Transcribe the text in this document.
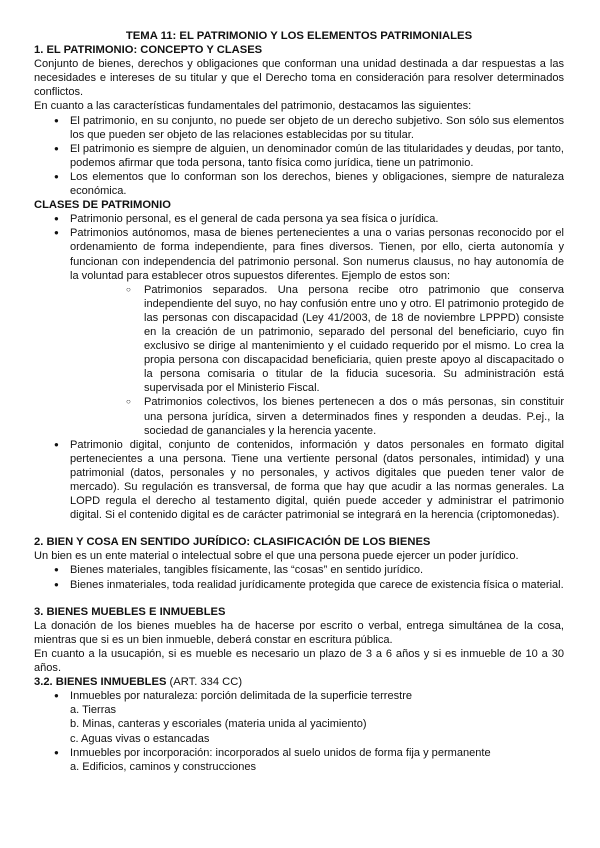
TEMA 11: EL PATRIMONIO Y LOS ELEMENTOS PATRIMONIALES

1. EL PATRIMONIO: CONCEPTO Y CLASES

Conjunto de bienes, derechos y obligaciones que conforman una unidad destinada a dar respuestas a las necesidades e intereses de su titular y que el Derecho toma en consideración para resolver determinados conflictos.

En cuanto a las características fundamentales del patrimonio, destacamos las siguientes:

● El patrimonio, en su conjunto, no puede ser objeto de un derecho subjetivo. Son sólo sus elementos los que pueden ser objeto de las relaciones establecidas por su titular.
● El patrimonio es siempre de alguien, un denominador común de las titularidades y deudas, por tanto, podemos afirmar que toda persona, tanto física como jurídica, tiene un patrimonio.
● Los elementos que lo conforman son los derechos, bienes y obligaciones, siempre de naturaleza económica.
CLASES DE PATRIMONIO
● Patrimonio personal, es el general de cada persona ya sea física o jurídica.
● Patrimonios autónomos, masa de bienes pertenecientes a una o varias personas reconocido por el ordenamiento de forma independiente, para fines diversos. Tienen, por ello, cierta autonomía y funcionan con independencia del patrimonio personal. Son numerus clausus, no hay autonomía de la voluntad para establecer otros supuestos diferentes. Ejemplo de estos son:
○ Patrimonios separados. Una persona recibe otro patrimonio que conserva independiente del suyo, no hay confusión entre uno y otro. El patrimonio protegido de las personas con discapacidad (Ley 41/2003, de 18 de noviembre LPPPD) consiste en la creación de un patrimonio, separado del personal del beneficiario, cuyo fin exclusivo se dirige al mantenimiento y el cuidado requerido por el mismo. Lo crea la propia persona con discapacidad beneficiaria, quien preste apoyo al discapacitado o la persona comisaria o titular de la fiducia sucesoria. Su administración está supervisada por el Ministerio Fiscal.
○ Patrimonios colectivos, los bienes pertenecen a dos o más personas, sin constituir una persona jurídica, sirven a determinados fines y responden a deudas. P.ej., la sociedad de gananciales y la herencia yacente.
● Patrimonio digital, conjunto de contenidos, información y datos personales en formato digital pertenecientes a una persona. Tiene una vertiente personal (datos personales, intimidad) y una patrimonial (datos, personales y no personales, y activos digitales que pueden tener valor de mercado). Su regulación es transversal, de forma que hay que acudir a las normas generales. La LOPD regula el derecho al testamento digital, quién puede acceder y administrar el patrimonio digital. Si el contenido digital es de carácter patrimonial se integrará en la herencia (criptomonedas).
2. BIEN Y COSA EN SENTIDO JURÍDICO: CLASIFICACIÓN DE LOS BIENES

Un bien es un ente material o intelectual sobre el que una persona puede ejercer un poder jurídico.

● Bienes materiales, tangibles físicamente, las “cosas” en sentido jurídico.
● Bienes inmateriales, toda realidad jurídicamente protegida que carece de existencia física o material.
3. BIENES MUEBLES E INMUEBLES

La donación de los bienes muebles ha de hacerse por escrito o verbal, entrega simultánea de la cosa, mientras que si es un bien inmueble, deberá constar en escritura pública.

En cuanto a la usucapión, si es mueble es necesario un plazo de 3 a 6 años y si es inmueble de 10 a 30 años.

3.2. BIENES INMUEBLES (ART. 334 CC)
● Inmuebles por naturaleza: porción delimitada de la superficie terrestre
a. Tierras
b. Minas, canteras y escoriales (materia unida al yacimiento)
c. Aguas vivas o estancadas
● Inmuebles por incorporación: incorporados al suelo unidos de forma fija y permanente
a. Edificios, caminos y construcciones
